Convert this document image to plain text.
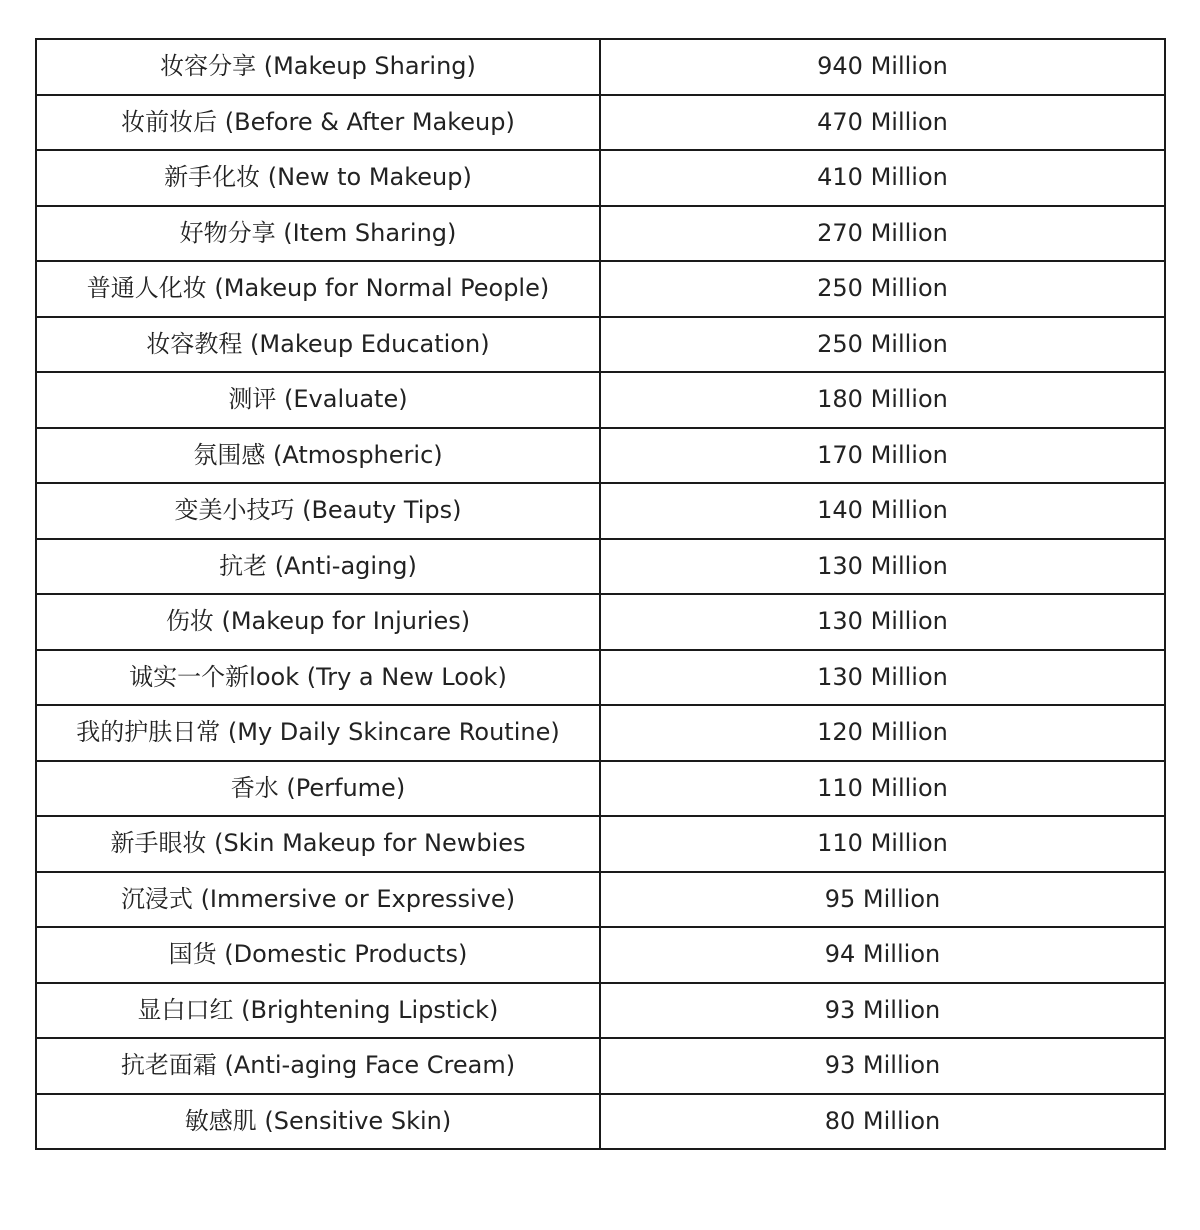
妆容分享 (Makeup Sharing)	940 Million
妆前妆后 (Before & After Makeup)	470 Million
新手化妆 (New to Makeup)	410 Million
好物分享 (Item Sharing)	270 Million
普通人化妆 (Makeup for Normal People)	250 Million
妆容教程 (Makeup Education)	250 Million
测评 (Evaluate)	180 Million
氛围感 (Atmospheric)	170 Million
变美小技巧 (Beauty Tips)	140 Million
抗老 (Anti-aging)	130 Million
伤妆 (Makeup for Injuries)	130 Million
诚实一个新look (Try a New Look)	130 Million
我的护肤日常 (My Daily Skincare Routine)	120 Million
香水 (Perfume)	110 Million
新手眼妆 (Skin Makeup for Newbies	110 Million
沉浸式 (Immersive or Expressive)	95 Million
国货 (Domestic Products)	94 Million
显白口红 (Brightening Lipstick)	93 Million
抗老面霜 (Anti-aging Face Cream)	93 Million
敏感肌 (Sensitive Skin)	80 Million
